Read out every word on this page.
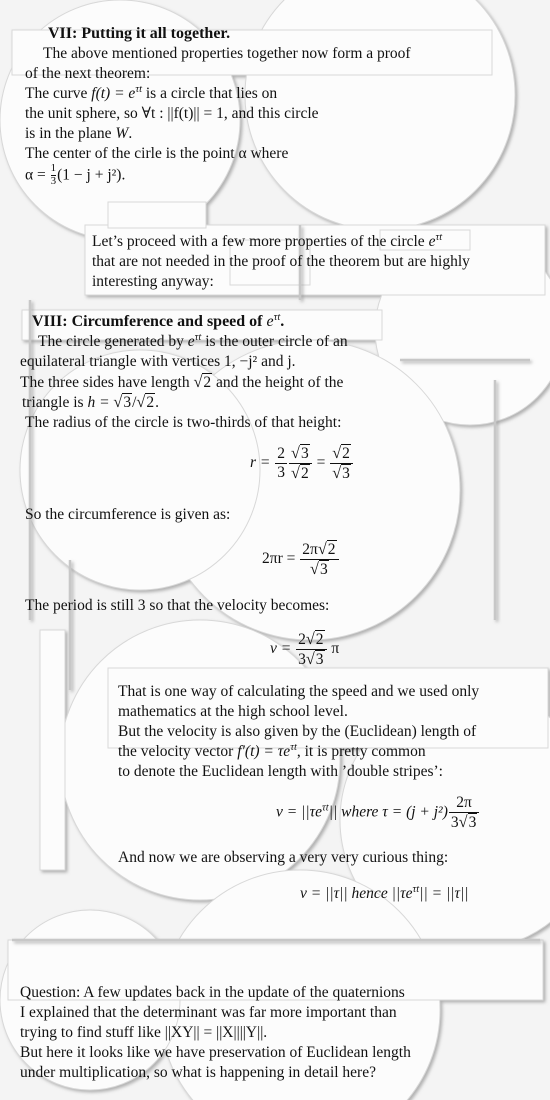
VII: Putting it all together.
The above mentioned properties together now form a proof
of the next theorem:
The curve $f(t) = e^{\tau t}$ is a circle that lies on
the unit sphere, so ∀t : ||f(t)|| = 1, and this circle
is in the plane W.
The center of the cirle is the point α where
$\alpha = \frac{1}{3} (1 - j + j^2)$.
Let’s proceed with a few more properties of the circle $e^{\tau t}$
that are not needed in the proof of the theorem but are highly
interesting anyway:
VIII: Circumference and speed of $e^{\tau t}$.
The circle generated by $e^{\tau t}$ is the outer circle of an
equilateral triangle with vertices 1, −j² and j.
The three sides have length √2 and the height of the
triangle is h = √3/√2.
The radius of the circle is two-thirds of that height:
$r = \frac{2}{3} \frac{√3}{√2} = \frac{√2}{√3}$
So the circumference is given as:
$2\pi r = \frac{2\pi√2}{√3}$
The period is still 3 so that the velocity becomes:
$v = \frac{2√2}{3√3}$ π
That is one way of calculating the speed and we used only
mathematics at the high school level.
But the velocity is also given by the (Euclidean) length of
the velocity vector $f'(t) = \tau e^{\tau t}$, it is pretty common
to denote the Euclidean length with ’double stripes’:
$v = ||\tau e^{\tau t}||$ where $\tau = (j + j^2) \frac{2\pi}{3√3}$
And now we are observing a very very curious thing:
v = ||τ|| hence $||\tau e^{\tau t}|| = ||\tau||$
Question: A few updates back in the update of the quaternions
I explained that the determinant was far more important than
trying to find stuff like ||XY|| = ||X||||Y||.
But here it looks like we have preservation of Euclidean length
under multiplication, so what is happening in detail here?
